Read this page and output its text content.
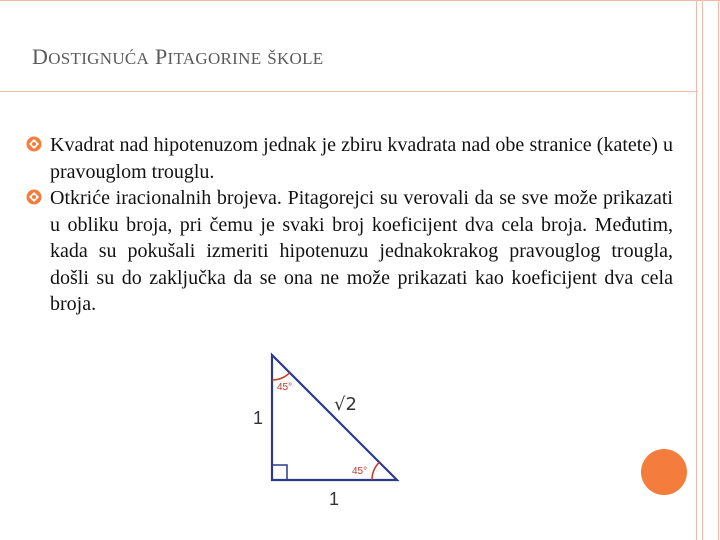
DOSTIGNUĆA PITAGORINE ŠKOLE
Kvadrat nad hipotenuzom jednak je zbiru kvadrata nad obe stranice (katete) u pravouglom trouglu.
Otkriće iracionalnih brojeva. Pitagorejci su verovali da se sve može prikazati u obliku broja, pri čemu je svaki broj koeficijent dva cela broja. Međutim, kada su pokušali izmeriti hipotenuzu jednakokrakog pravouglog trougla, došli su do zaključka da se ona ne može prikazati kao koeficijent dva cela broja.
45°
45°
1
1
√2
